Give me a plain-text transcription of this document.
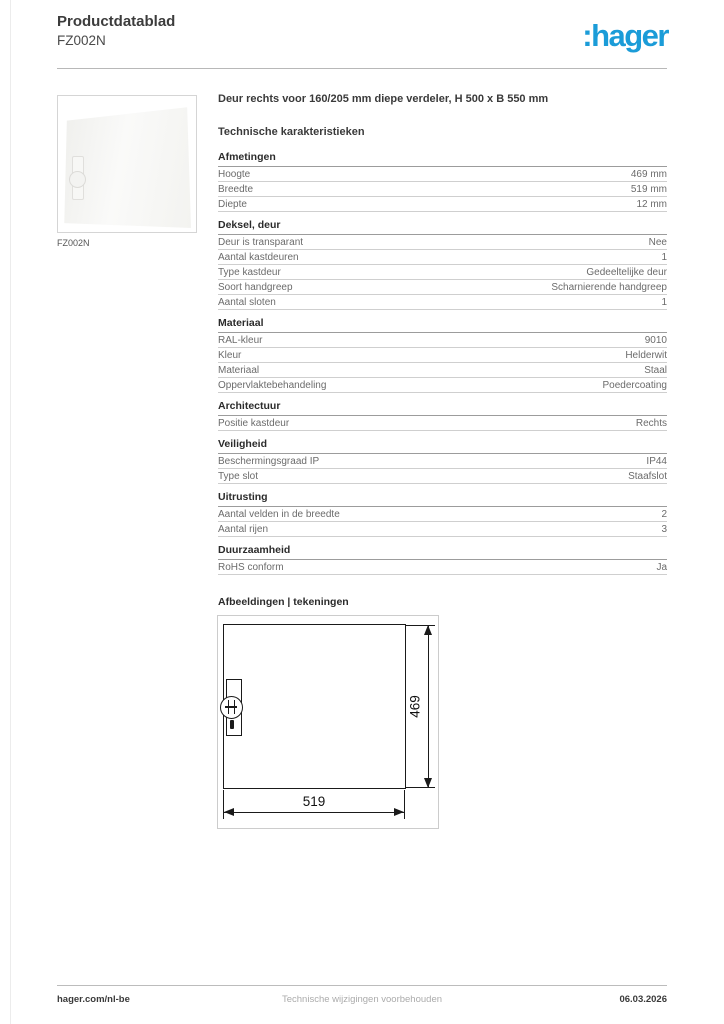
Productdatablad
FZ002N	:hager
FZ002N
Deur rechts voor 160/205 mm diepe verdeler, H 500 x B 550 mm
Technische karakteristieken
Afmetingen
Hoogte	469 mm
Breedte	519 mm
Diepte	12 mm
Deksel, deur
Deur is transparant	Nee
Aantal kastdeuren	1
Type kastdeur	Gedeeltelijke deur
Soort handgreep	Scharnierende handgreep
Aantal sloten	1
Materiaal
RAL-kleur	9010
Kleur	Helderwit
Materiaal	Staal
Oppervlaktebehandeling	Poedercoating
Architectuur
Positie kastdeur	Rechts
Veiligheid
Beschermingsgraad IP	IP44
Type slot	Staafslot
Uitrusting
Aantal velden in de breedte	2
Aantal rijen	3
Duurzaamheid
RoHS conform	Ja
Afbeeldingen | tekeningen
469
519
hager.com/nl-be	Technische wijzigingen voorbehouden	06.03.2026
